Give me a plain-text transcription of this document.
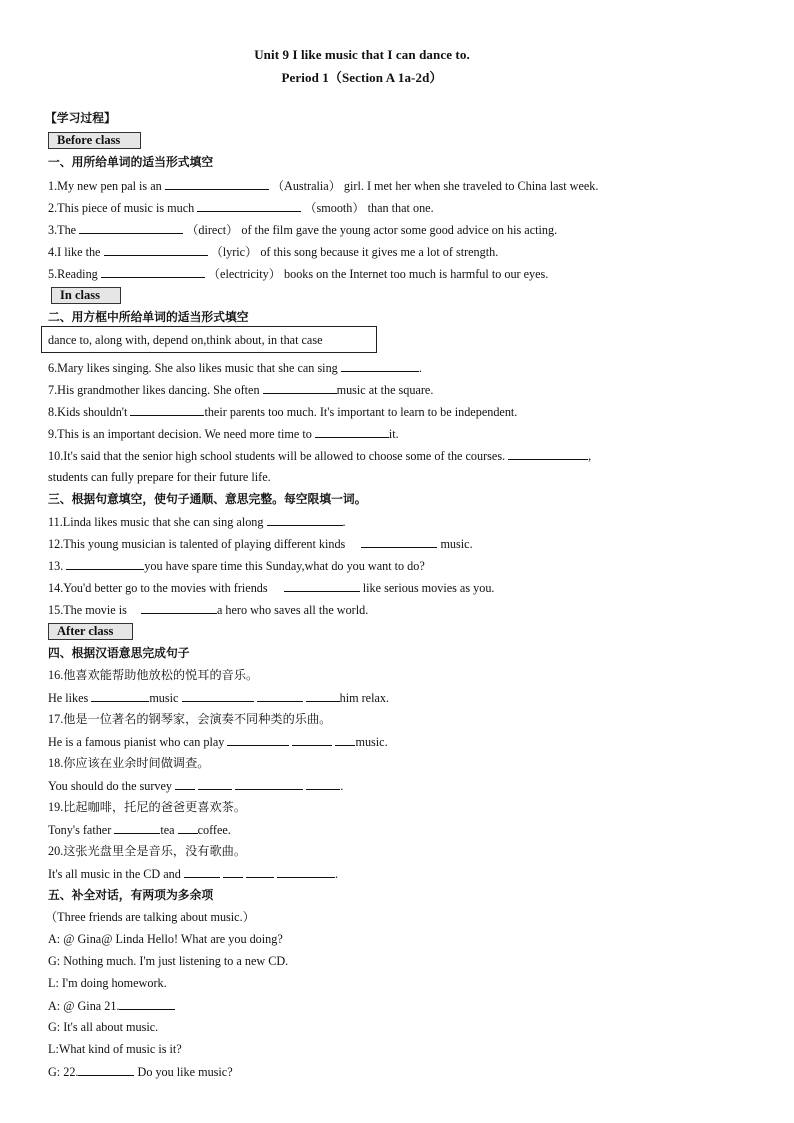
Unit 9 I like music that I can dance to.
Period 1（Section A 1a-2d）
【学习过程】
Before class
一、用所给单词的适当形式填空
1.My new pen pal is an	（Australia） girl. I met her when she traveled to China last week.
2.This piece of music is much	（smooth） than that one.
3.The	（direct） of the film gave the young actor some good advice on his acting.
4.I like the	（lyric） of this song because it gives me a lot of strength.
5.Reading	（electricity） books on the Internet too much is harmful to our eyes.
In class
二、用方框中所给单词的适当形式填空
dance to, along with, depend on,think about, in that case
6.Mary likes singing. She also likes music that she can sing	.
7.His grandmother likes dancing. She often	music at the square.
8.Kids shouldn't	their parents too much. It's important to learn to be independent.
9.This is an important decision. We need more time to	it.
10.It's said that the senior high school students will be allowed to choose some of the courses.	,
students can fully prepare for their future life.
三、根据句意填空，使句子通顺、意思完整。每空限填一词。
11.Linda likes music that she can sing along	.
12.This young musician is talented of playing different kinds	music.
13.	you have spare time this Sunday,what do you want to do?
14.You'd better go to the movies with friends	like serious movies as you.
15.The movie is	a hero who saves all the world.
After class
四、根据汉语意思完成句子
16.他喜欢能帮助他放松的悦耳的音乐。
He likes	music	him relax.
17.他是一位著名的钢琴家，会演奏不同种类的乐曲。
He is a famous pianist who can play	music.
18.你应该在业余时间做调查。
You should do the survey	.
19.比起咖啡，托尼的爸爸更喜欢茶。
Tony's father	tea coffee.
20.这张光盘里全是音乐，没有歌曲。
It's all music in the CD and	.
五、补全对话，有两项为多余项
（Three friends are talking about music.）
A: @ Gina@ Linda Hello! What are you doing?
G: Nothing much. I'm just listening to a new CD.
L: I'm doing homework.
A: @ Gina 21.
G: It's all about music.
L:What kind of music is it?
G: 22.	Do you like music?
